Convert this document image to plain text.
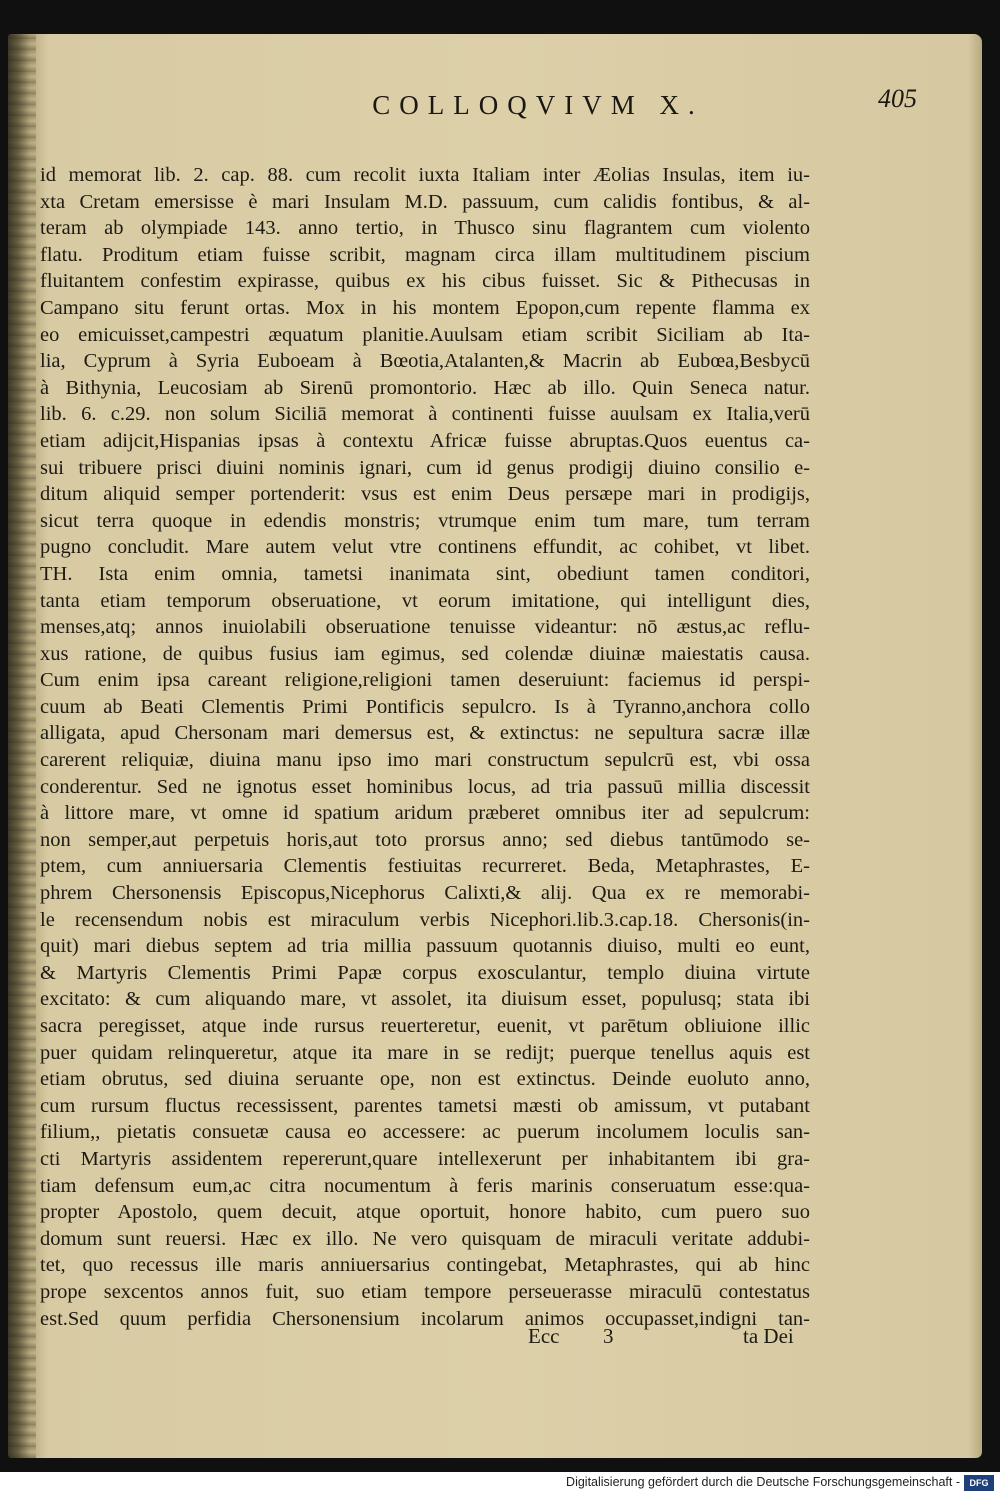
COLLOQVIVM X.	405
id memorat lib. 2. cap. 88. cum recolit iuxta Italiam inter Æolias Insulas, item iu-
xta Cretam emersisse è mari Insulam M.D. passuum, cum calidis fontibus, & al-
teram ab olympiade 143. anno tertio, in Thusco sinu flagrantem cum violento
flatu. Proditum etiam fuisse scribit, magnam circa illam multitudinem piscium
fluitantem confestim expirasse, quibus ex his cibus fuisset. Sic & Pithecusas in
Campano situ ferunt ortas. Mox in his montem Epopon,cum repente flamma ex
eo emicuisset,campestri æquatum planitie.Auulsam etiam scribit Siciliam ab Ita-
lia, Cyprum à Syria Euboeam à Bœotia,Atalanten,& Macrin ab Eubœa,Besbycū
à Bithynia, Leucosiam ab Sirenū promontorio. Hæc ab illo. Quin Seneca natur.
lib. 6. c.29. non solum Siciliā memorat à continenti fuisse auulsam ex Italia,verū
etiam adijcit,Hispanias ipsas à contextu Africæ fuisse abruptas.Quos euentus ca-
sui tribuere prisci diuini nominis ignari, cum id genus prodigij diuino consilio e-
ditum aliquid semper portenderit: vsus est enim Deus persæpe mari in prodigijs,
sicut terra quoque in edendis monstris; vtrumque enim tum mare, tum terram
pugno concludit. Mare autem velut vtre continens effundit, ac cohibet, vt libet.
TH. Ista enim omnia, tametsi inanimata sint, obediunt tamen conditori,
tanta etiam temporum obseruatione, vt eorum imitatione, qui intelligunt dies,
menses,atq; annos inuiolabili obseruatione tenuisse videantur: nō æstus,ac reflu-
xus ratione, de quibus fusius iam egimus, sed colendæ diuinæ maiestatis causa.
Cum enim ipsa careant religione,religioni tamen deseruiunt: faciemus id perspi-
cuum ab Beati Clementis Primi Pontificis sepulcro. Is à Tyranno,anchora collo
alligata, apud Chersonam mari demersus est, & extinctus: ne sepultura sacræ illæ
carerent reliquiæ, diuina manu ipso imo mari constructum sepulcrū est, vbi ossa
conderentur. Sed ne ignotus esset hominibus locus, ad tria passuū millia discessit
à littore mare, vt omne id spatium aridum præberet omnibus iter ad sepulcrum:
non semper,aut perpetuis horis,aut toto prorsus anno; sed diebus tantūmodo se-
ptem, cum anniuersaria Clementis festiuitas recurreret. Beda, Metaphrastes, E-
phrem Chersonensis Episcopus,Nicephorus Calixti,& alij. Qua ex re memorabi-
le recensendum nobis est miraculum verbis Nicephori.lib.3.cap.18. Chersonis(in-
quit) mari diebus septem ad tria millia passuum quotannis diuiso, multi eo eunt,
& Martyris Clementis Primi Papæ corpus exosculantur, templo diuina virtute
excitato: & cum aliquando mare, vt assolet, ita diuisum esset, populusq; stata ibi
sacra peregisset, atque inde rursus reuerteretur, euenit, vt parētum obliuione illic
puer quidam relinqueretur, atque ita mare in se redijt; puerque tenellus aquis est
etiam obrutus, sed diuina seruante ope, non est extinctus. Deinde euoluto anno,
cum rursum fluctus recessissent, parentes tametsi mæsti ob amissum, vt putabant
filium,, pietatis consuetæ causa eo accessere: ac puerum incolumem loculis san-
cti Martyris assidentem repererunt,quare intellexerunt per inhabitantem ibi gra-
tiam defensum eum,ac citra nocumentum à feris marinis conseruatum esse:qua-
propter Apostolo, quem decuit, atque oportuit, honore habito, cum puero suo
domum sunt reuersi. Hæc ex illo. Ne vero quisquam de miraculi veritate addubi-
tet, quo recessus ille maris anniuersarius contingebat, Metaphrastes, qui ab hinc
prope sexcentos annos fuit, suo etiam tempore perseuerasse miraculū contestatus
est.Sed quum perfidia Chersonensium incolarum animos occupasset,indigni tan-
Ecc 3	ta Dei
Digitalisierung gefördert durch die Deutsche Forschungsgemeinschaft -	DFG
